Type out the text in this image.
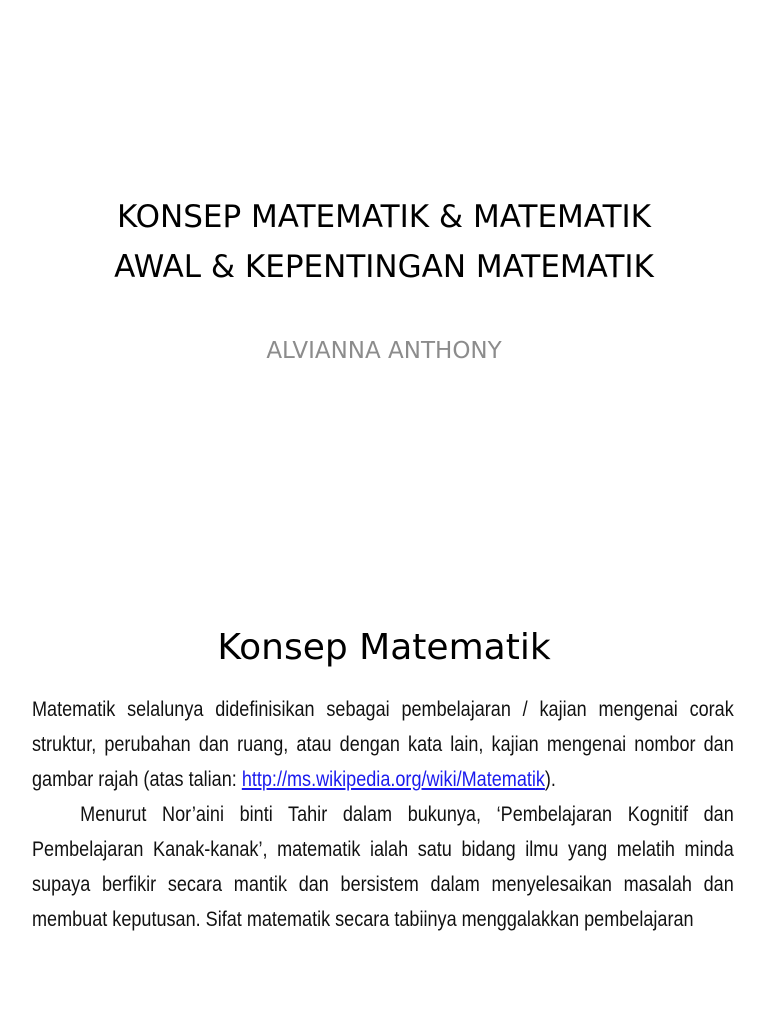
KONSEP MATEMATIK & MATEMATIK
AWAL & KEPENTINGAN MATEMATIK

ALVIANNA ANTHONY

Konsep Matematik

Matematik selalunya didefinisikan sebagai pembelajaran / kajian mengenai corak struktur, perubahan dan ruang, atau dengan kata lain, kajian mengenai nombor dan gambar rajah (atas talian: http://ms.wikipedia.org/wiki/Matematik).

Menurut Nor’aini binti Tahir dalam bukunya, ‘Pembelajaran Kognitif dan Pembelajaran Kanak-kanak’, matematik ialah satu bidang ilmu yang melatih minda supaya berfikir secara mantik dan bersistem dalam menyelesaikan masalah dan membuat keputusan. Sifat matematik secara tabiinya menggalakkan pembelajaran
